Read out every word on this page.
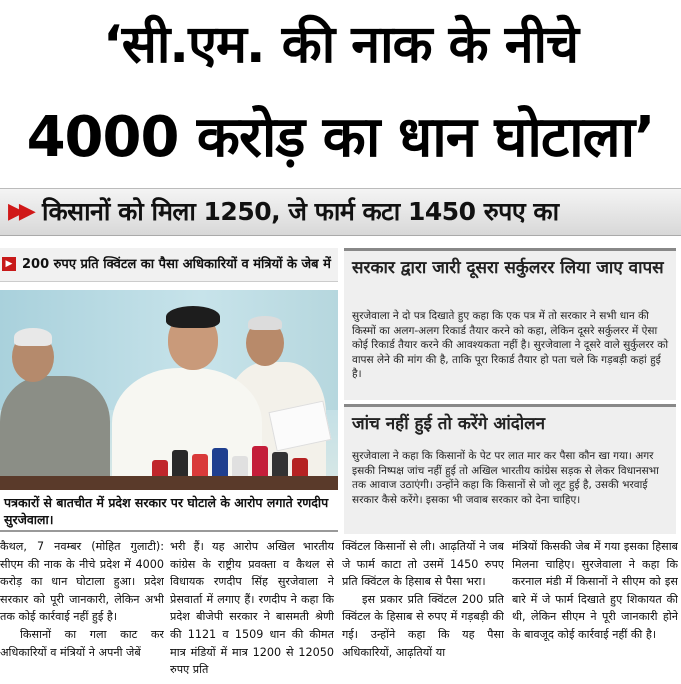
‘सी.एम. की नाक के नीचे
4000 करोड़ का धान घोटाला’
▶▶ किसानों को मिला 1250, जे फार्म कटा 1450 रुपए का
▶ 200 रुपए प्रति क्विंटल का पैसा अधिकारियों व मंत्रियों के जेब में
पत्रकारों से बातचीत में प्रदेश सरकार पर घोटाले के आरोप लगाते रणदीप सुरजेवाला।
सरकार द्वारा जारी दूसरा सर्कुलरर लिया जाए वापस
सुरजेवाला ने दो पत्र दिखाते हुए कहा कि एक पत्र में तो सरकार ने सभी धान की किस्मों का अलग-अलग रिकार्ड तैयार करने को कहा, लेकिन दूसरे सर्कुलरर में ऐसा कोई रिकार्ड तैयार करने की आवश्यकता नहीं है। सुरजेवाला ने दूसरे वाले सुर्कुलरर को वापस लेने की मांग की है, ताकि पूरा रिकार्ड तैयार हो पता चले कि गड़बड़ी कहां हुई है।
जांच नहीं हुई तो करेंगे आंदोलन
सुरजेवाला ने कहा कि किसानों के पेट पर लात मार कर पैसा कौन खा गया। अगर इसकी निष्पक्ष जांच नहीं हुई तो अखिल भारतीय कांग्रेस सड़क से लेकर विधानसभा तक आवाज उठाएंगी। उन्होंने कहा कि किसानों से जो लूट हुई है, उसकी भरवाई सरकार कैसे करेंगे। इसका भी जवाब सरकार को देना चाहिए।
कैथल, 7 नवम्बर (मोहित गुलाटी): सीएम की नाक के नीचे प्रदेश में 4000 करोड़ का धान घोटाला हुआ। प्रदेश सरकार को पूरी जानकारी, लेकिन अभी तक कोई कार्रवाई नहीं हुई है।
किसानों का गला काट कर अधिकारियों व मंत्रियों ने अपनी जेबें
भरी हैं। यह आरोप अखिल भारतीय कांग्रेस के राष्ट्रीय प्रवक्ता व कैथल से विधायक रणदीप सिंह सुरजेवाला ने प्रेसवार्ता में लगाए हैं। रणदीप ने कहा कि प्रदेश बीजेपी सरकार ने बासमती श्रेणी की 1121 व 1509 धान की कीमत मात्र मंडियों में मात्र 1200 से 12050 रुपए प्रति
क्विंटल किसानों से ली। आढ़तियों ने जब जे फार्म काटा तो उसमें 1450 रुपए प्रति क्विंटल के हिसाब से पैसा भरा।
इस प्रकार प्रति क्विंटल 200 प्रति क्विंटल के हिसाब से रुपए में गड़बड़ी की गई। उन्होंने कहा कि यह पैसा अधिकारियों, आढ़तियों या
मंत्रियों किसकी जेब में गया इसका हिसाब मिलना चाहिए। सुरजेवाला ने कहा कि करनाल मंडी में किसानों ने सीएम को इस बारे में जे फार्म दिखाते हुए शिकायत की थी, लेकिन सीएम ने पूरी जानकारी होने के बावजूद कोई कार्रवाई नहीं की है।
